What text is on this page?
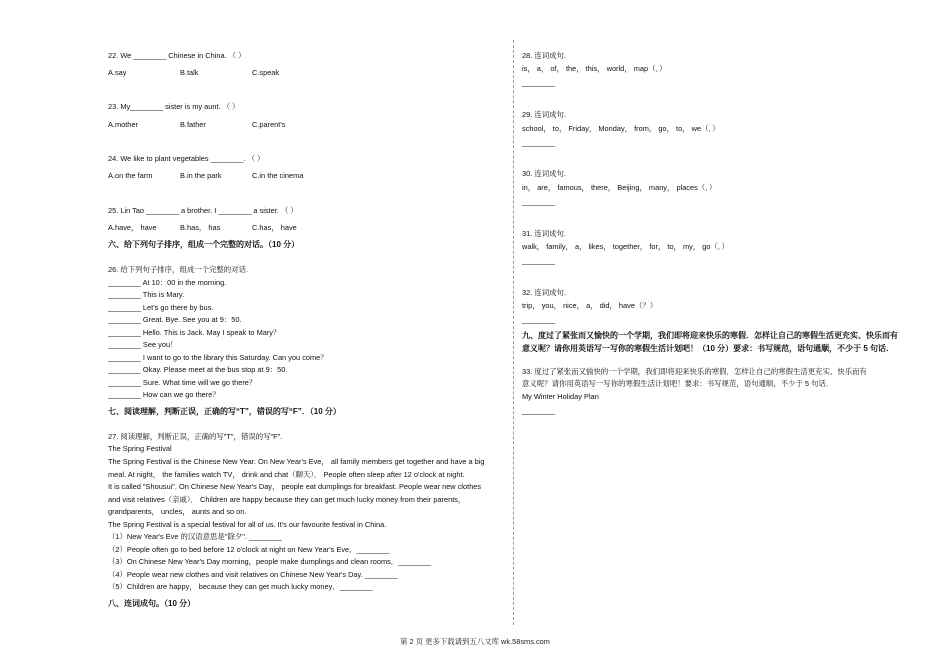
22. We ________ Chinese in China. （ ）
A.say	B.talk	C.speak
23. My________ sister is my aunt. （ ）
A.mother	B.father	C.parent's
24. We like to plant vegetables ________. （ ）
A.on the farm	B.in the park	C.in the cinema
25. Lin Tao ________ a brother. I ________ a sister. （ ）
A.have， have	B.has， has	C.has， have
六、给下列句子排序，组成一个完整的对话。（10 分）
26. 给下列句子排序，组成一个完整的对话.
________ At 10：00 in the morning.
________ This is Mary.
________ Let's go there by bus.
________ Great. Bye. See you at 9：50.
________ Hello. This is Jack. May I speak to Mary？
________ See you！
________ I want to go to the library this Saturday. Can you come？
________ Okay. Please meet at the bus stop at 9：50.
________ Sure. What time will we go there？
________ How can we go there？
七、阅读理解，判断正误，正确的写“T”，错误的写“F”．（10 分）
27. 阅读理解，判断正误，正确的写"T"，错误的写"F".
The Spring Festival
The Spring Festival is the Chinese New Year. On New Year's Eve， all family members get together and have a big
meal. At night， the families watch TV， drink and chat（聊天）． People often sleep after 12 o'clock at night.
It is called "Shousui". On Chinese New Year's Day， people eat dumplings for breakfast. People wear new clothes
and visit relatives（亲戚）． Children are happy because they can get much lucky money from their parents，
grandparents， uncles， aunts and so on.
The Spring Festival is a special festival for all of us. It's our favourite festival in China.
（1）New Year's Eve 的汉语意思是"除夕". ________
（2）People often go to bed before 12 o'clock at night on New Year's Eve．________
（3）On Chinese New Year's Day morning，people make dumplings and clean rooms．________
（4）People wear new clothes and visit relatives on Chinese New Year's Day. ________
（5）Children are happy， because they can get much lucky money．________
八、连词成句。（10 分）
28. 连词成句.
is， a， of， the， this， world， map（．）
________
29. 连词成句.
school， to， Friday， Monday， from， go， to， we（．）
________
30. 连词成句.
in， are， famous， there， Beijing， many， places（．）
________
31. 连词成句.
walk， family， a， likes， together， for， to， my， go（．）
________
32. 连词成句.
trip， you， nice， a， did， have（？）
________
九、度过了紧张而又愉快的一个学期，我们即将迎来快乐的寒假．怎样让自己的寒假生活更充实、快乐而有
意义呢？请你用英语写一写你的寒假生活计划吧！（10 分）要求：书写规范，语句通顺，不少于 5 句话．
33. 度过了紧张而又愉快的一个学期，我们即将迎来快乐的寒假．怎样让自己的寒假生活更充实、快乐而有
意义呢？请你用英语写一写你的寒假生活计划吧！要求：书写规范，语句通顺，不少于 5 句话．
My Winter Holiday Plan
________
第 2 页 更多下载请到五八文库 wk.58sms.com
